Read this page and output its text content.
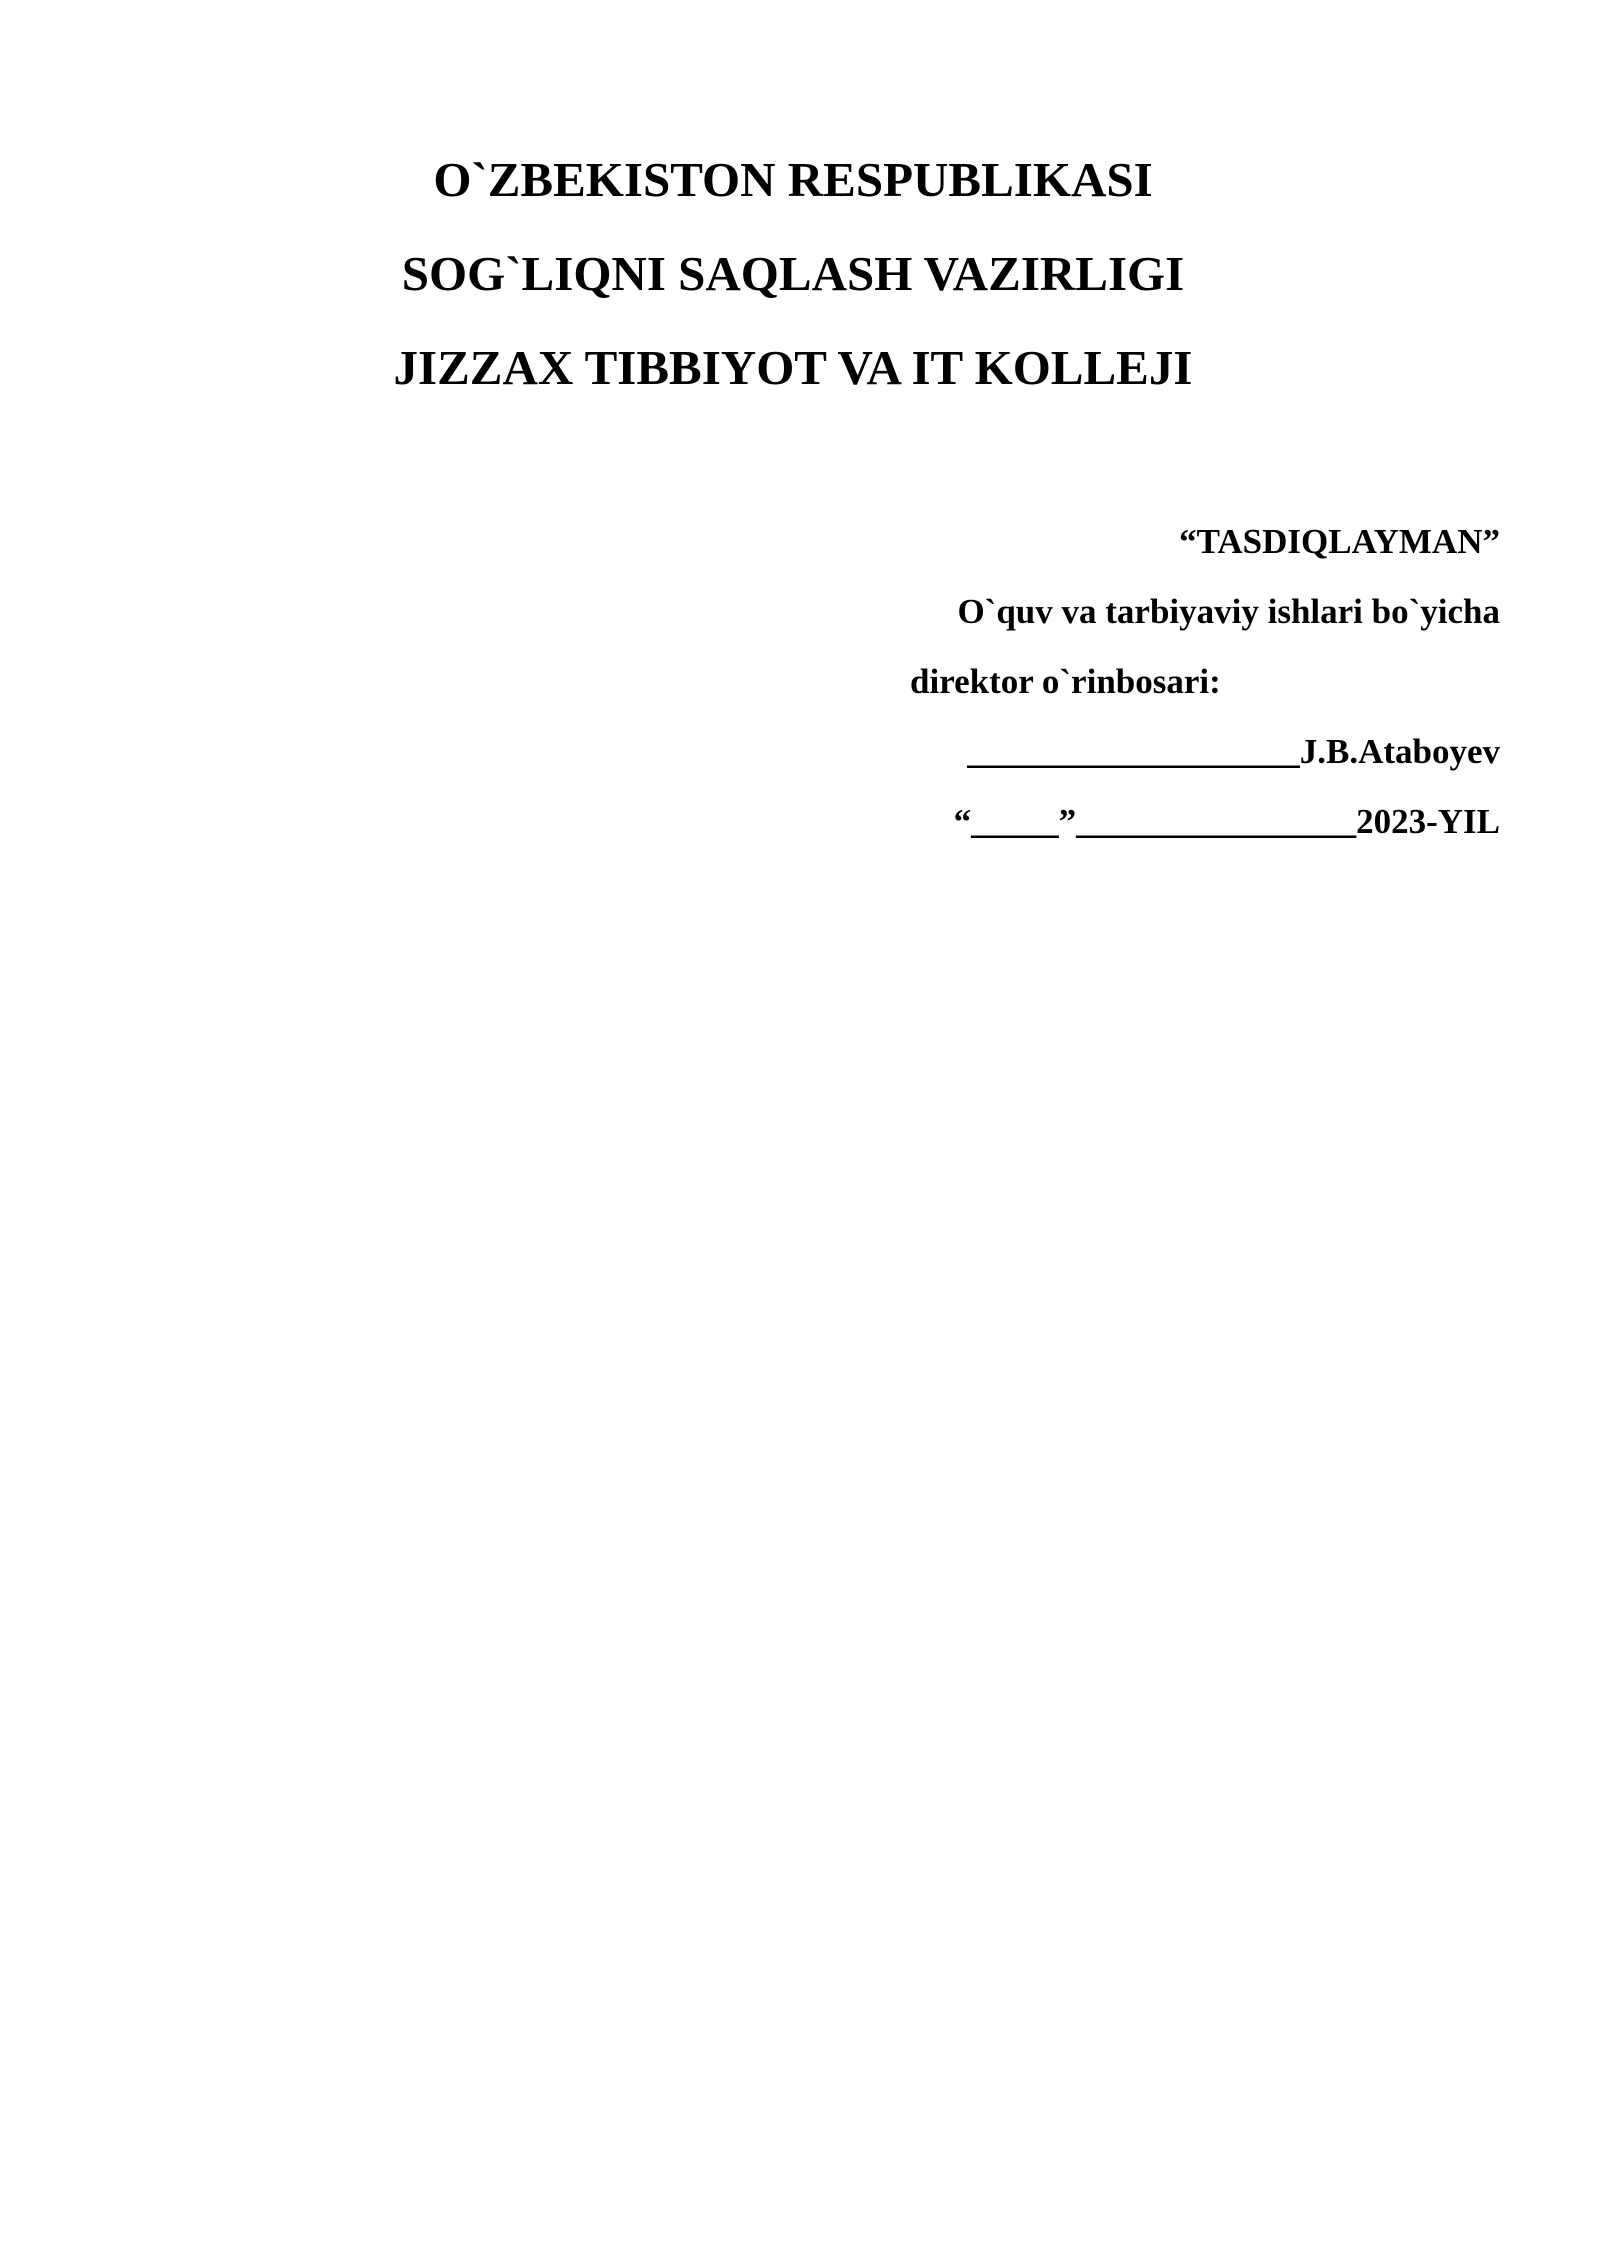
O`ZBEKISTON RESPUBLIKASI
SOG`LIQNI SAQLASH VAZIRLIGI
JIZZAX TIBBIYOT VA IT KOLLEJI
“TASDIQLAYMAN”
O`quv va tarbiyaviy ishlari bo`yicha
direktor o`rinbosari:
___________________J.B.Ataboyev
“_____”________________2023-YIL
